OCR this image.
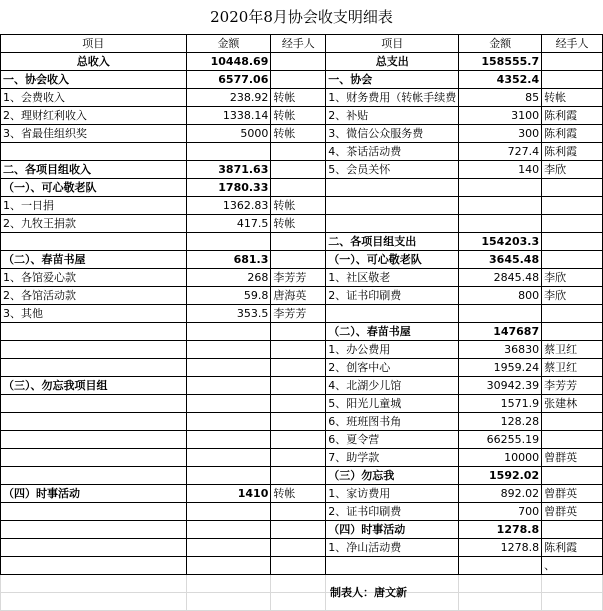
2020年8月协会收支明细表
项目	金额	经手人	项目	金额	经手人
总收入	10448.69		总支出	158555.7	
一、协会收入	6577.06		一、协会	4352.4	
1、会费收入	238.92	转帐	1、财务费用（转帐手续费	85	转帐
2、理财红利收入	1338.14	转帐	2、补贴	3100	陈利霞
3、省最佳组织奖	5000	转帐	3、微信公众服务费	300	陈利霞
			4、茶话活动费	727.4	陈利霞
二、各项目组收入	3871.63		5、会员关怀	140	李欣
（一）、可心敬老队	1780.33				
1、一日捐	1362.83	转帐			
2、九牧王捐款	417.5	转帐			
			二、各项目组支出	154203.3	
（二）、春苗书屋	681.3		（一）、可心敬老队	3645.48	
1、各馆爱心款	268	李芳芳	1、社区敬老	2845.48	李欣
2、各馆活动款	59.8	唐海英	2、证书印刷费	800	李欣
3、其他	353.5	李芳芳			
			（二）、春苗书屋	147687	
			1、办公费用	36830	蔡卫红
			2、创客中心	1959.24	蔡卫红
（三）、勿忘我项目组			4、北湖少儿馆	30942.39	李芳芳
			5、阳光儿童城	1571.9	张建林
			6、班班图书角	128.28	
			6、夏令营	66255.19	
			7、助学款	10000	曾群英
			（三）勿忘我	1592.02	
（四）时事活动	1410	转帐	1、家访费用	892.02	曾群英
			2、证书印刷费	700	曾群英
			（四）时事活动	1278.8	
			1、净山活动费	1278.8	陈利霞
					、

制表人：唐文新
